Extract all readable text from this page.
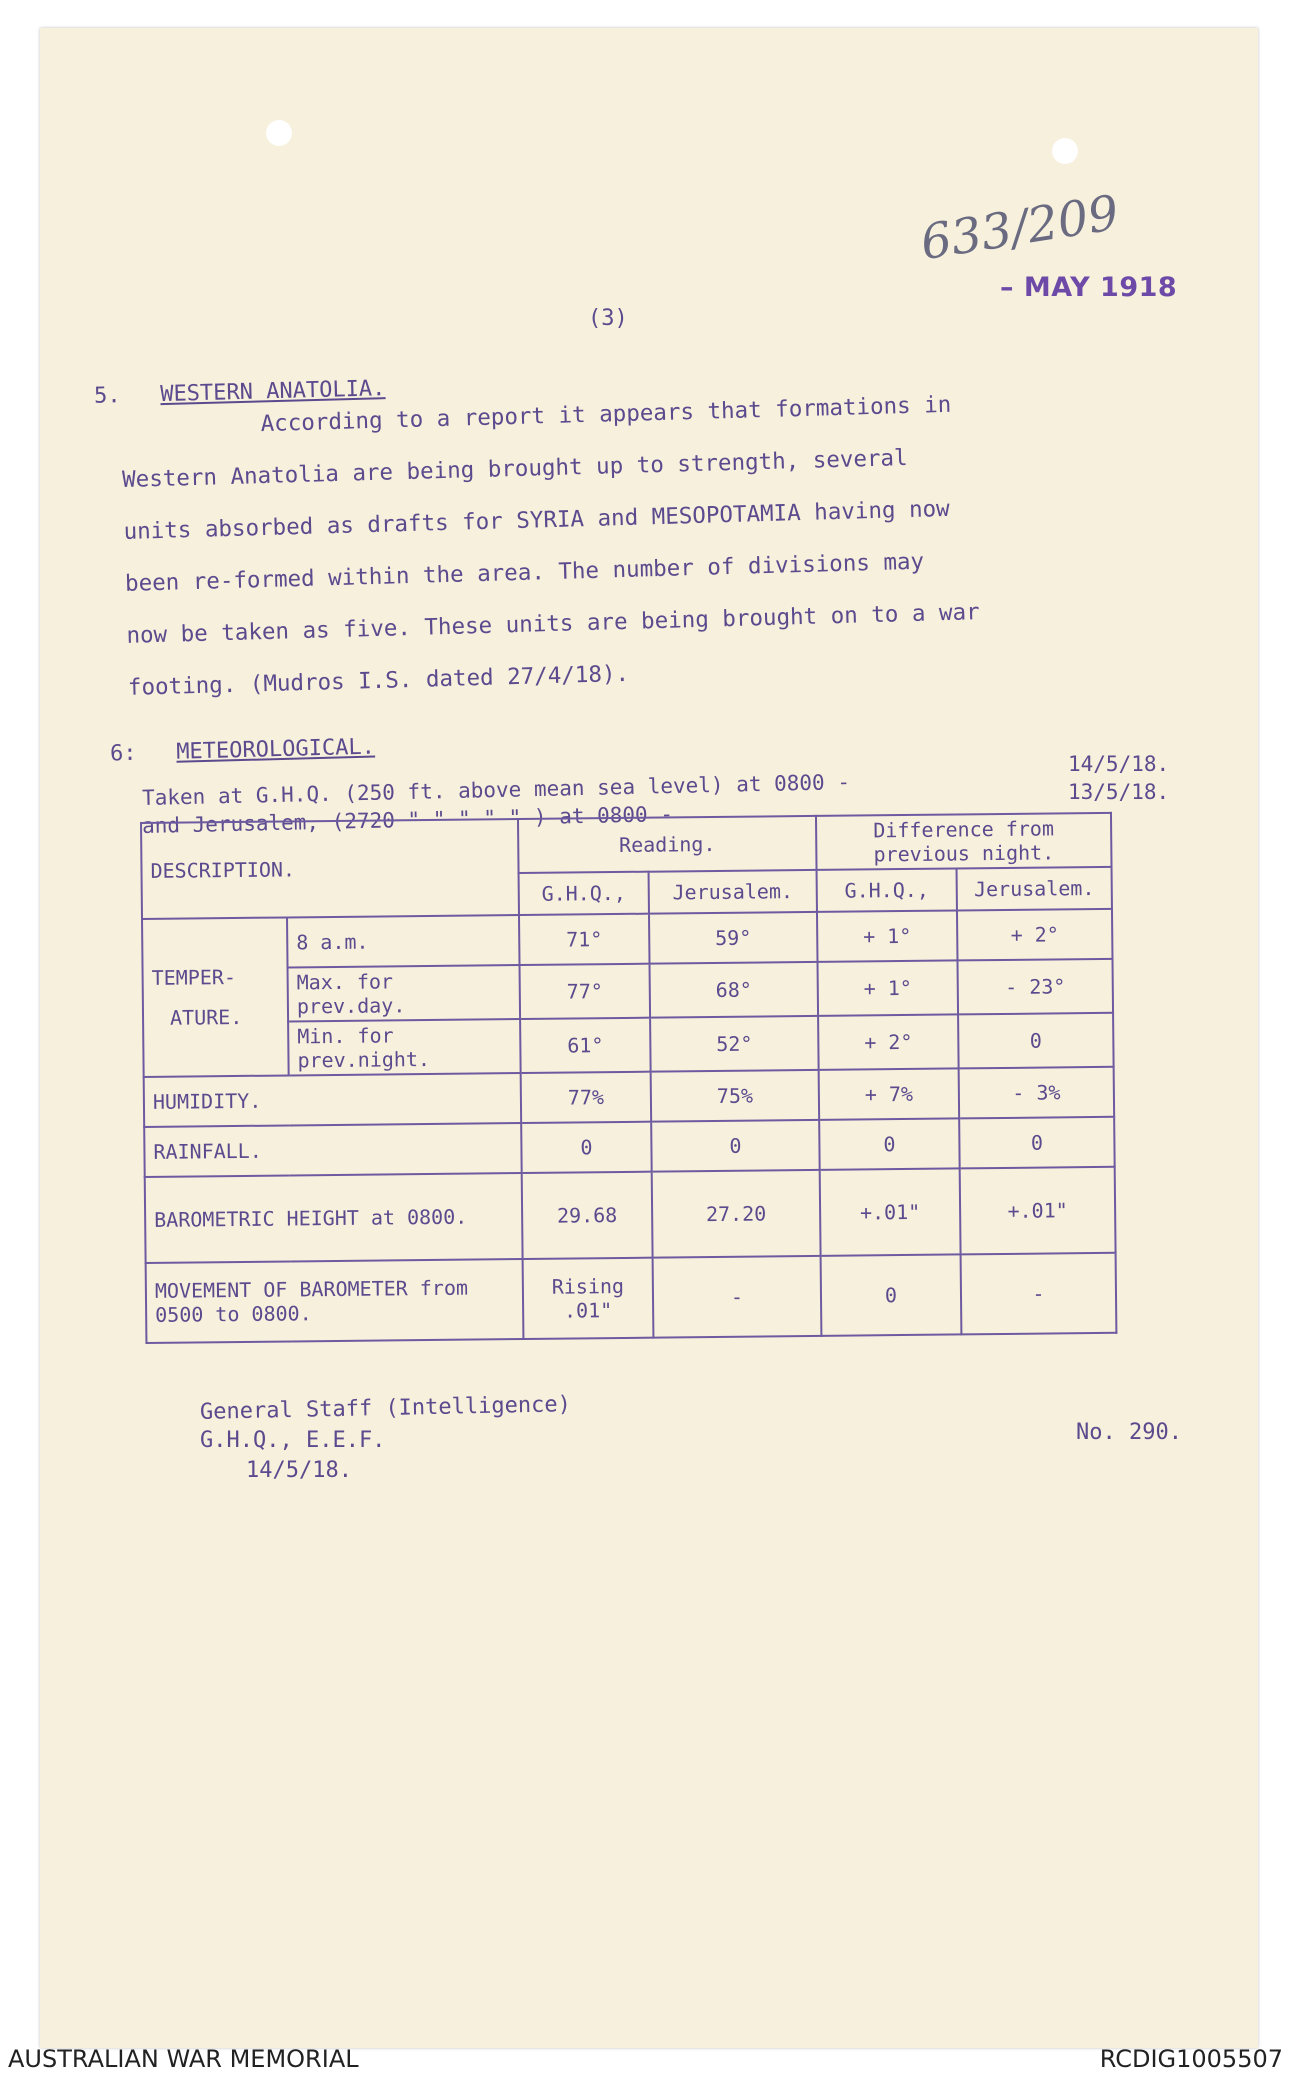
633/209
– MAY 1918
(3)
5. WESTERN ANATOLIA.

According to a report it appears that formations in

Western Anatolia are being brought up to strength, several

units absorbed as drafts for SYRIA and MESOPOTAMIA having now

been re-formed within the area. The number of divisions may

now be taken as five. These units are being brought on to a war

footing. (Mudros I.S. dated 27/4/18).

6: METEOROLOGICAL.
Taken at G.H.Q. (250 ft. above mean sea level) at 0800 -
14/5/18.
and Jerusalem, (2720 " " " " " ) at 0800 -
13/5/18.
DESCRIPTION.		Reading.		Difference from previous night.	
		G.H.Q.,	Jerusalem.	G.H.Q.,	Jerusalem.

TEMPER-
ATURE.	8 a.m.	71°	59°	+ 1°	+ 2°
	Max. for prev.day.	77°	68°	+ 1°	- 23°
	Min. for prev.night.	61°	52°	+ 2°	0
HUMIDITY.		77%	75%	+ 7%	- 3%
RAINFALL.		0	0	0	0
BAROMETRIC HEIGHT at 0800.		29.68	27.20	+.01"	+.01"
MOVEMENT OF BAROMETER from 0500 to 0800.		Rising .01"	-	0	-
General Staff (Intelligence)
G.H.Q., E.E.F.
14/5/18.
No. 290.
AUSTRALIAN WAR MEMORIAL	RCDIG1005507
